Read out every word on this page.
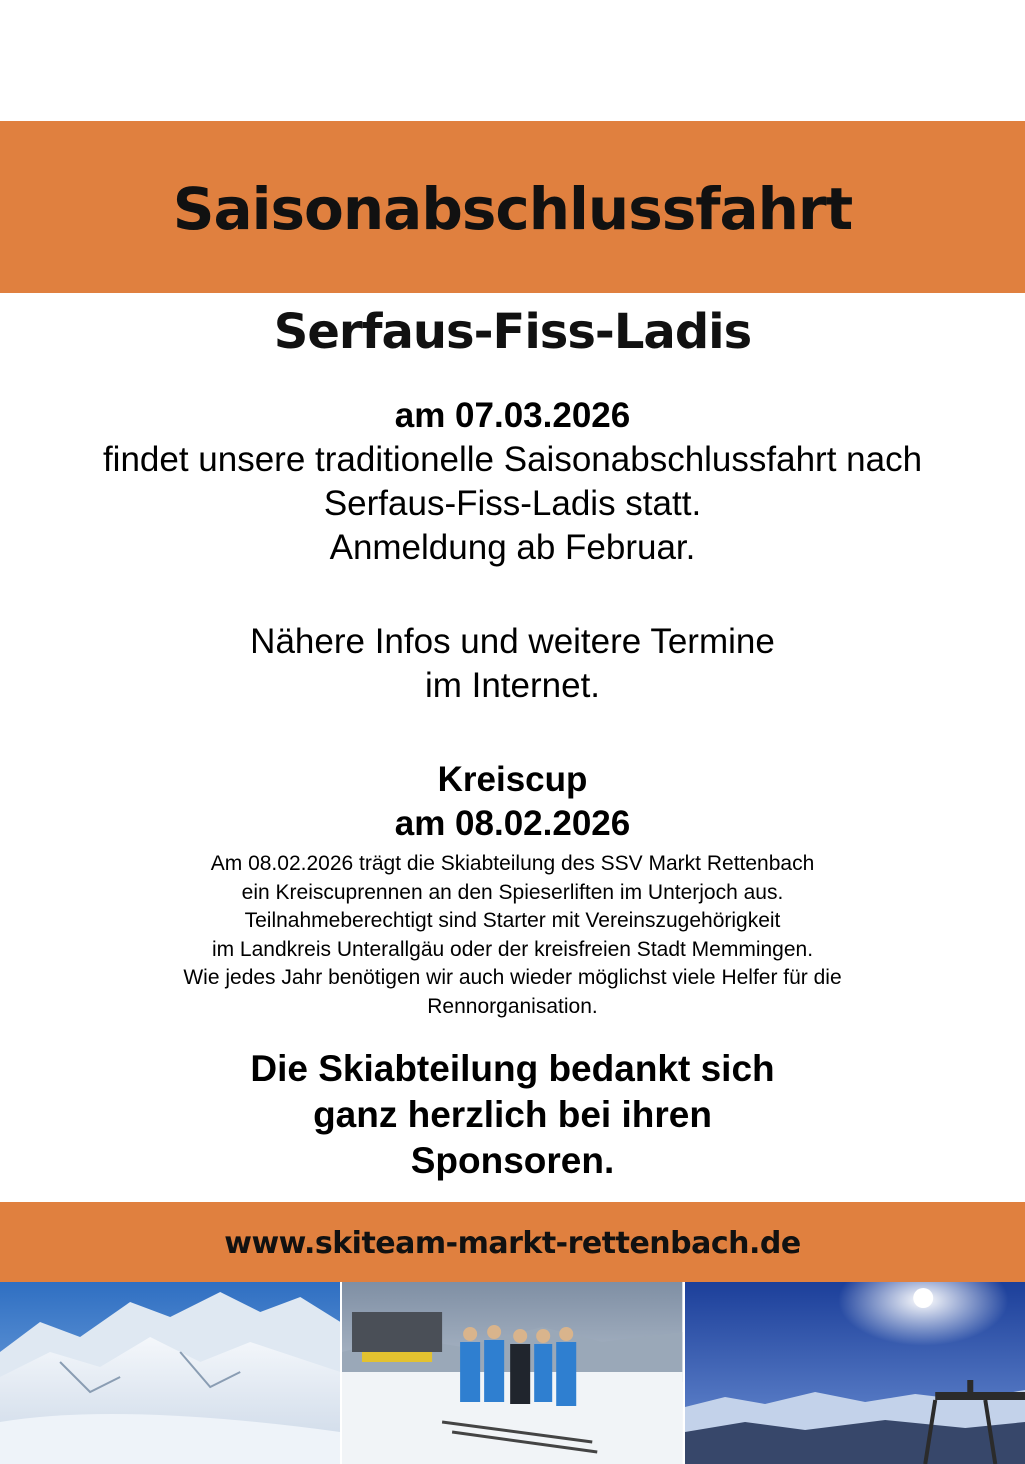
Saisonabschlussfahrt
Serfaus-Fiss-Ladis
am 07.03.2026
findet unsere traditionelle Saisonabschlussfahrt nach
Serfaus-Fiss-Ladis statt.
Anmeldung ab Februar.
Nähere Infos und weitere Termine
im Internet.
Kreiscup
am 08.02.2026
Am 08.02.2026 trägt die Skiabteilung des SSV Markt Rettenbach
ein Kreiscuprennen an den Spieserliften im Unterjoch aus.
Teilnahmeberechtigt sind Starter mit Vereinszugehörigkeit
im Landkreis Unterallgäu oder der kreisfreien Stadt Memmingen.
Wie jedes Jahr benötigen wir auch wieder möglichst viele Helfer für die
Rennorganisation.
Die Skiabteilung bedankt sich
ganz herzlich bei ihren
Sponsoren.
www.skiteam-markt-rettenbach.de
